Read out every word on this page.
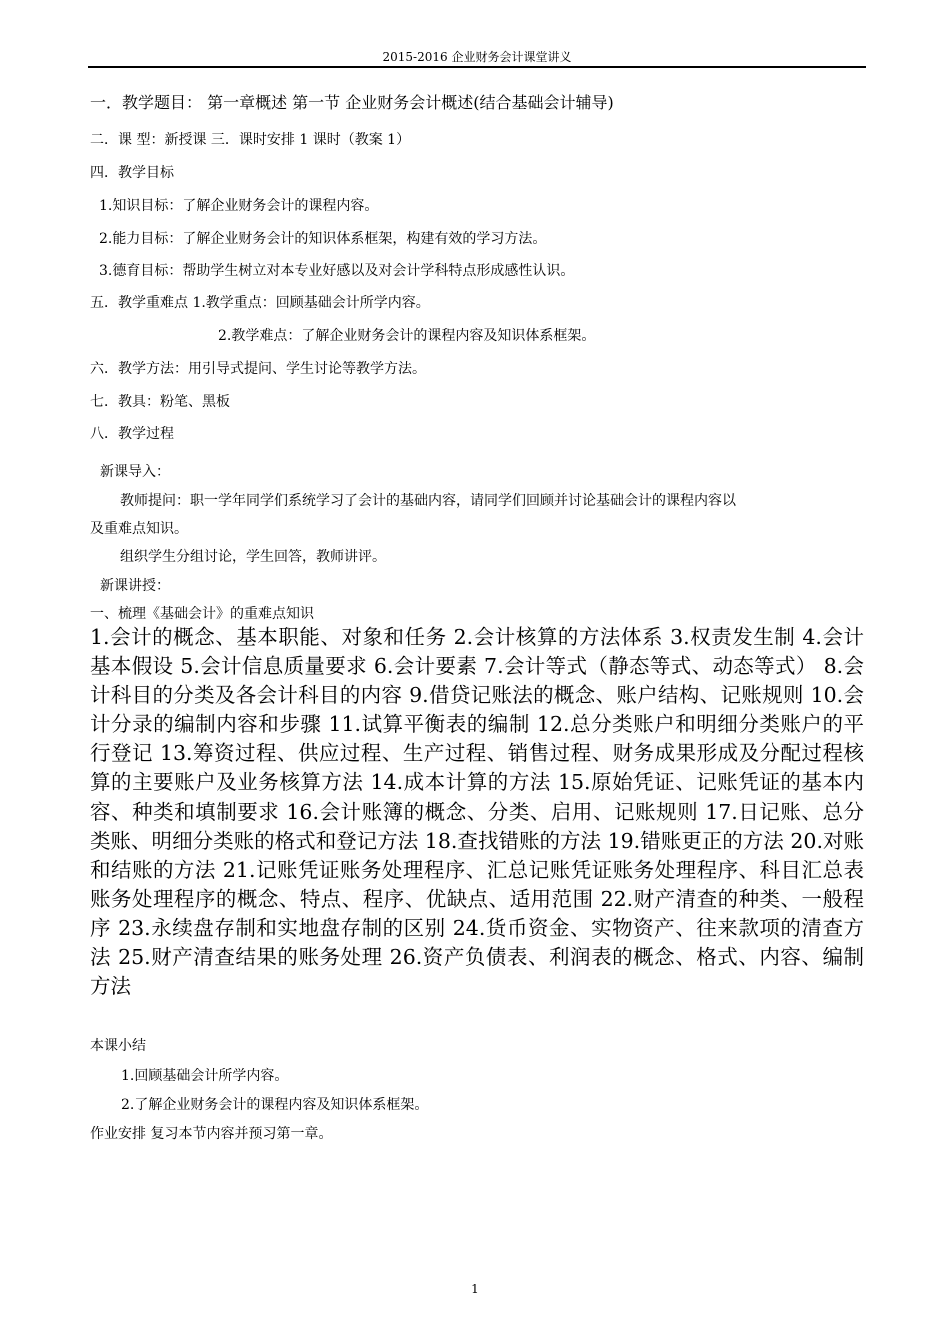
2015-2016 企业财务会计课堂讲义
一．教学题目： 第一章概述 第一节 企业财务会计概述(结合基础会计辅导)
二．课 型：新授课 三．课时安排 1 课时（教案 1）
四．教学目标
1.知识目标：了解企业财务会计的课程内容。
2.能力目标：了解企业财务会计的知识体系框架，构建有效的学习方法。
3.德育目标：帮助学生树立对本专业好感以及对会计学科特点形成感性认识。
五．教学重难点 1.教学重点：回顾基础会计所学内容。
2.教学难点：了解企业财务会计的课程内容及知识体系框架。
六．教学方法：用引导式提问、学生讨论等教学方法。
七．教具：粉笔、黑板
八．教学过程
新课导入：
教师提问：职一学年同学们系统学习了会计的基础内容，请同学们回顾并讨论基础会计的课程内容以
及重难点知识。
组织学生分组讨论，学生回答，教师讲评。
新课讲授：
一、梳理《基础会计》的重难点知识
1.会计的概念、基本职能、对象和任务 2.会计核算的方法体系 3.权责发生制 4.会计基本假设 5.会计信息质量要求 6.会计要素 7.会计等式（静态等式、动态等式） 8.会计科目的分类及各会计科目的内容 9.借贷记账法的概念、账户结构、记账规则 10.会计分录的编制内容和步骤 11.试算平衡表的编制 12.总分类账户和明细分类账户的平行登记 13.筹资过程、供应过程、生产过程、销售过程、财务成果形成及分配过程核算的主要账户及业务核算方法 14.成本计算的方法 15.原始凭证、记账凭证的基本内容、种类和填制要求 16.会计账簿的概念、分类、启用、记账规则 17.日记账、总分类账、明细分类账的格式和登记方法 18.查找错账的方法 19.错账更正的方法 20.对账和结账的方法 21.记账凭证账务处理程序、汇总记账凭证账务处理程序、科目汇总表账务处理程序的概念、特点、程序、优缺点、适用范围 22.财产清查的种类、一般程序 23.永续盘存制和实地盘存制的区别 24.货币资金、实物资产、往来款项的清查方法 25.财产清查结果的账务处理 26.资产负债表、利润表的概念、格式、内容、编制方法
本课小结
1.回顾基础会计所学内容。
2.了解企业财务会计的课程内容及知识体系框架。
作业安排 复习本节内容并预习第一章。
1
